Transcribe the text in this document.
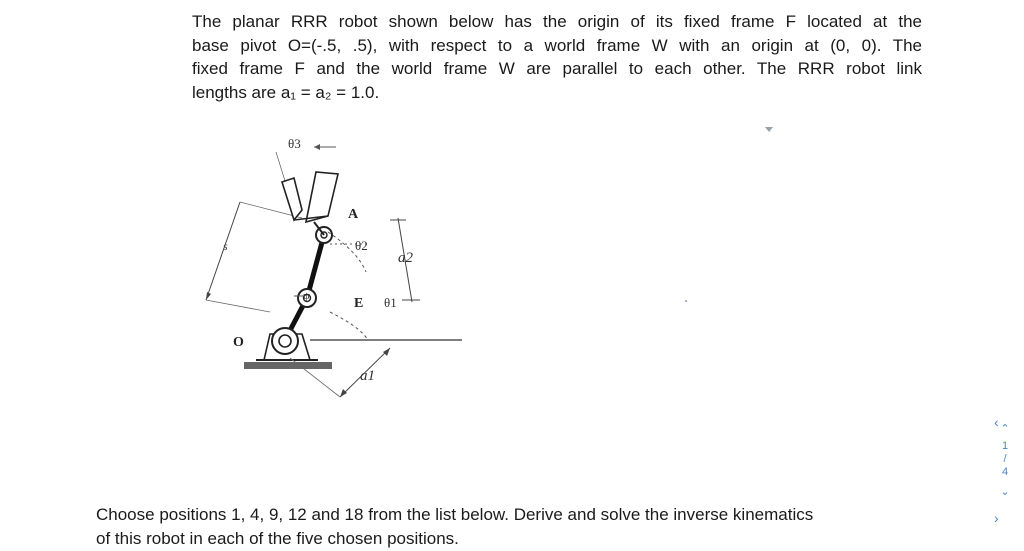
The planar RRR robot shown below has the origin of its fixed frame F located at the
base pivot O=(-.5, .5), with respect to a world frame W with an origin at (0, 0). The
fixed frame F and the world frame W are parallel to each other. The RRR robot link
lengths are a₁ = a₂ = 1.0.
θ3
A
θ2
a2
s
ψ	E θ1
O
a1
‹ ⌃
1
/
4
⌄
›
Choose positions 1, 4, 9, 12 and 18 from the list below. Derive and solve the inverse kinematics
of this robot in each of the five chosen positions.
